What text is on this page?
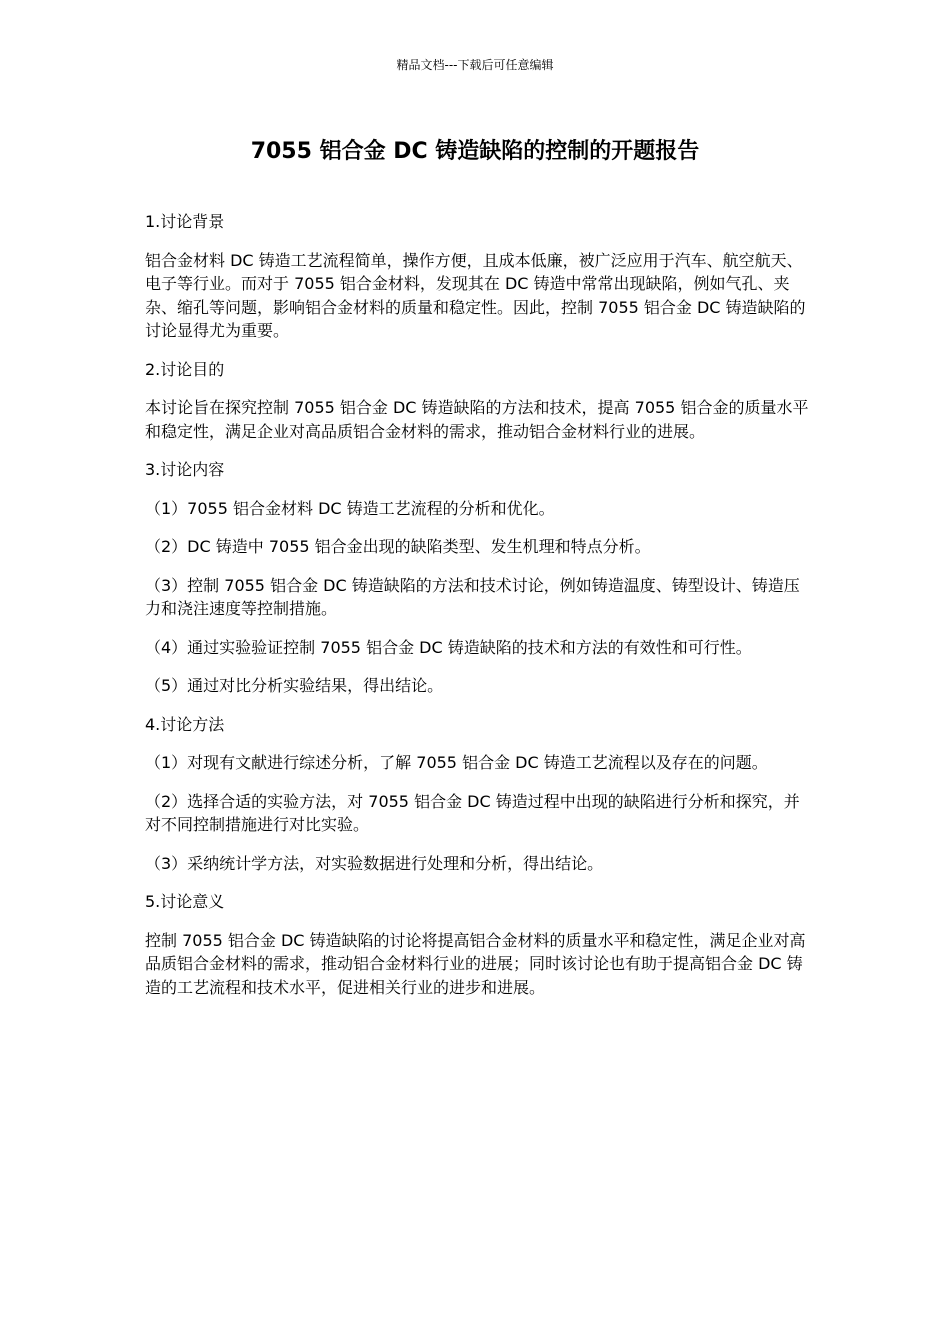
精品文档---下载后可任意编辑
7055 铝合金 DC 铸造缺陷的控制的开题报告

1.讨论背景

铝合金材料 DC 铸造工艺流程简单，操作方便，且成本低廉，被广泛应用于汽车、航空航天、电子等行业。而对于 7055 铝合金材料，发现其在 DC 铸造中常常出现缺陷，例如气孔、夹杂、缩孔等问题，影响铝合金材料的质量和稳定性。因此，控制 7055 铝合金 DC 铸造缺陷的讨论显得尤为重要。

2.讨论目的

本讨论旨在探究控制 7055 铝合金 DC 铸造缺陷的方法和技术，提高 7055 铝合金的质量水平和稳定性，满足企业对高品质铝合金材料的需求，推动铝合金材料行业的进展。

3.讨论内容

（1）7055 铝合金材料 DC 铸造工艺流程的分析和优化。

（2）DC 铸造中 7055 铝合金出现的缺陷类型、发生机理和特点分析。

（3）控制 7055 铝合金 DC 铸造缺陷的方法和技术讨论，例如铸造温度、铸型设计、铸造压力和浇注速度等控制措施。

（4）通过实验验证控制 7055 铝合金 DC 铸造缺陷的技术和方法的有效性和可行性。

（5）通过对比分析实验结果，得出结论。

4.讨论方法

（1）对现有文献进行综述分析，了解 7055 铝合金 DC 铸造工艺流程以及存在的问题。

（2）选择合适的实验方法，对 7055 铝合金 DC 铸造过程中出现的缺陷进行分析和探究，并对不同控制措施进行对比实验。

（3）采纳统计学方法，对实验数据进行处理和分析，得出结论。

5.讨论意义

控制 7055 铝合金 DC 铸造缺陷的讨论将提高铝合金材料的质量水平和稳定性，满足企业对高品质铝合金材料的需求，推动铝合金材料行业的进展；同时该讨论也有助于提高铝合金 DC 铸造的工艺流程和技术水平，促进相关行业的进步和进展。
